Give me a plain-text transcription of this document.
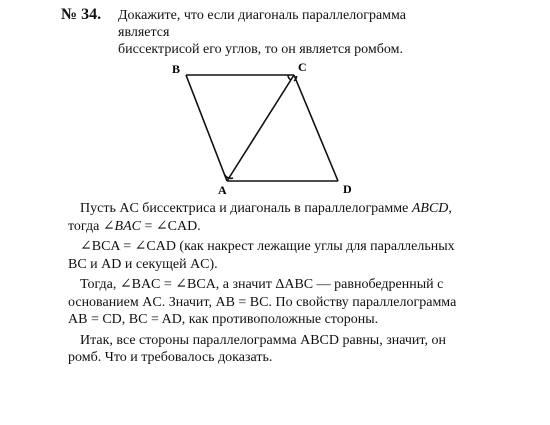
№ 34. Докажите, что если диагональ параллелограмма является
биссектрисой его углов, то он является ромбом.
B	C
A	D

Пусть AC биссектриса и диагональ в параллелограмме ABCD,
тогда ∠BAC = ∠CAD.

∠BCA = ∠CAD (как накрест лежащие углы для параллельных
BC и AD и секущей AC).

Тогда, ∠BAC = ∠BCA, а значит ΔABC — равнобедренный с
основанием AC. Значит, AB = BC. По свойству параллелограмма
AB = CD, BC = AD, как противоположные стороны.

Итак, все стороны параллелограмма ABCD равны, значит, он
ромб. Что и требовалось доказать.
